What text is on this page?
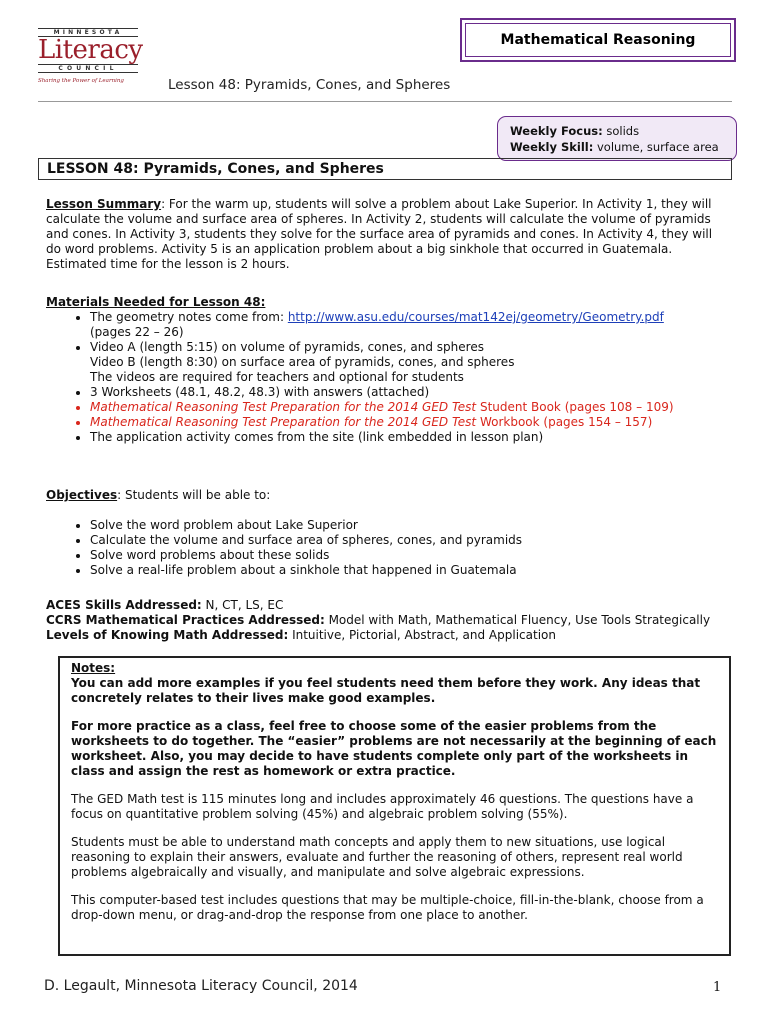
MINNESOTA
Literacy
COUNCIL
Sharing the Power of Learning	Lesson 48: Pyramids, Cones, and Spheres
Mathematical Reasoning
Weekly Focus: solids
Weekly Skill: volume, surface area
LESSON 48: Pyramids, Cones, and Spheres
Lesson Summary: For the warm up, students will solve a problem about Lake Superior. In Activity 1, they will calculate the volume and surface area of spheres. In Activity 2, students will calculate the volume of pyramids and cones. In Activity 3, students they solve for the surface area of pyramids and cones. In Activity 4, they will do word problems. Activity 5 is an application problem about a big sinkhole that occurred in Guatemala. Estimated time for the lesson is 2 hours.
Materials Needed for Lesson 48:
• The geometry notes come from: http://www.asu.edu/courses/mat142ej/geometry/Geometry.pdf
(pages 22 – 26)
• Video A (length 5:15) on volume of pyramids, cones, and spheres
Video B (length 8:30) on surface area of pyramids, cones, and spheres
The videos are required for teachers and optional for students
• 3 Worksheets (48.1, 48.2, 48.3) with answers (attached)
• Mathematical Reasoning Test Preparation for the 2014 GED Test Student Book (pages 108 – 109)
• Mathematical Reasoning Test Preparation for the 2014 GED Test Workbook (pages 154 – 157)
• The application activity comes from the site (link embedded in lesson plan)
Objectives: Students will be able to:
• Solve the word problem about Lake Superior
• Calculate the volume and surface area of spheres, cones, and pyramids
• Solve word problems about these solids
• Solve a real-life problem about a sinkhole that happened in Guatemala
ACES Skills Addressed: N, CT, LS, EC
CCRS Mathematical Practices Addressed: Model with Math, Mathematical Fluency, Use Tools Strategically
Levels of Knowing Math Addressed: Intuitive, Pictorial, Abstract, and Application

Notes:

You can add more examples if you feel students need them before they work. Any ideas that concretely relates to their lives make good examples.

For more practice as a class, feel free to choose some of the easier problems from the worksheets to do together. The “easier” problems are not necessarily at the beginning of each worksheet. Also, you may decide to have students complete only part of the worksheets in class and assign the rest as homework or extra practice.

The GED Math test is 115 minutes long and includes approximately 46 questions. The questions have a focus on quantitative problem solving (45%) and algebraic problem solving (55%).

Students must be able to understand math concepts and apply them to new situations, use logical reasoning to explain their answers, evaluate and further the reasoning of others, represent real world problems algebraically and visually, and manipulate and solve algebraic expressions.

This computer-based test includes questions that may be multiple-choice, fill-in-the-blank, choose from a drop-down menu, or drag-and-drop the response from one place to another.

D. Legault, Minnesota Literacy Council, 2014	1
